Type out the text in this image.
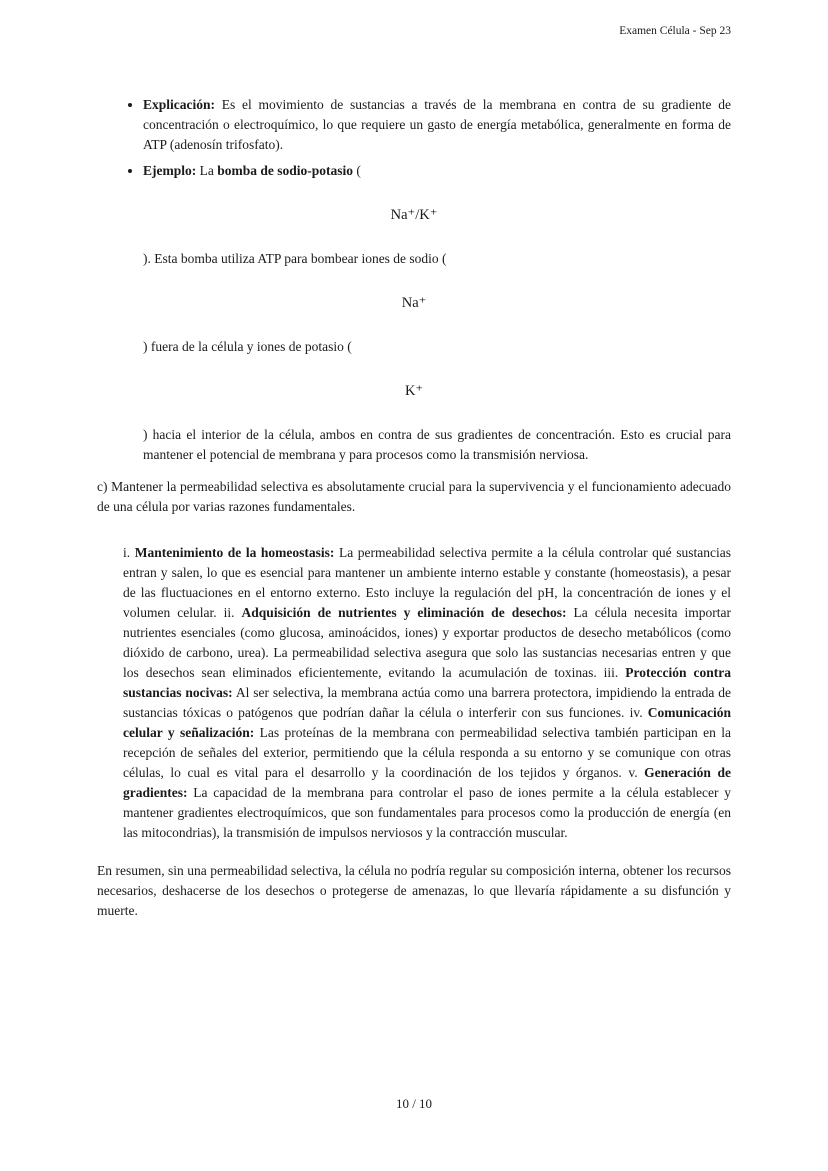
Examen Célula - Sep 23
• Explicación: Es el movimiento de sustancias a través de la membrana en contra de su gradiente de concentración o electroquímico, lo que requiere un gasto de energía metabólica, generalmente en forma de ATP (adenosín trifosfato).
• Ejemplo: La bomba de sodio-potasio (
Na⁺/K⁺

). Esta bomba utiliza ATP para bombear iones de sodio (

Na⁺

) fuera de la célula y iones de potasio (

K⁺

) hacia el interior de la célula, ambos en contra de sus gradientes de concentración. Esto es crucial para mantener el potencial de membrana y para procesos como la transmisión nerviosa.

c) Mantener la permeabilidad selectiva es absolutamente crucial para la supervivencia y el funcionamiento adecuado de una célula por varias razones fundamentales.

i. Mantenimiento de la homeostasis: La permeabilidad selectiva permite a la célula controlar qué sustancias entran y salen, lo que es esencial para mantener un ambiente interno estable y constante (homeostasis), a pesar de las fluctuaciones en el entorno externo. Esto incluye la regulación del pH, la concentración de iones y el volumen celular. ii. Adquisición de nutrientes y eliminación de desechos: La célula necesita importar nutrientes esenciales (como glucosa, aminoácidos, iones) y exportar productos de desecho metabólicos (como dióxido de carbono, urea). La permeabilidad selectiva asegura que solo las sustancias necesarias entren y que los desechos sean eliminados eficientemente, evitando la acumulación de toxinas. iii. Protección contra sustancias nocivas: Al ser selectiva, la membrana actúa como una barrera protectora, impidiendo la entrada de sustancias tóxicas o patógenos que podrían dañar la célula o interferir con sus funciones. iv. Comunicación celular y señalización: Las proteínas de la membrana con permeabilidad selectiva también participan en la recepción de señales del exterior, permitiendo que la célula responda a su entorno y se comunique con otras células, lo cual es vital para el desarrollo y la coordinación de los tejidos y órganos. v. Generación de gradientes: La capacidad de la membrana para controlar el paso de iones permite a la célula establecer y mantener gradientes electroquímicos, que son fundamentales para procesos como la producción de energía (en las mitocondrias), la transmisión de impulsos nerviosos y la contracción muscular.

En resumen, sin una permeabilidad selectiva, la célula no podría regular su composición interna, obtener los recursos necesarios, deshacerse de los desechos o protegerse de amenazas, lo que llevaría rápidamente a su disfunción y muerte.

10 / 10
